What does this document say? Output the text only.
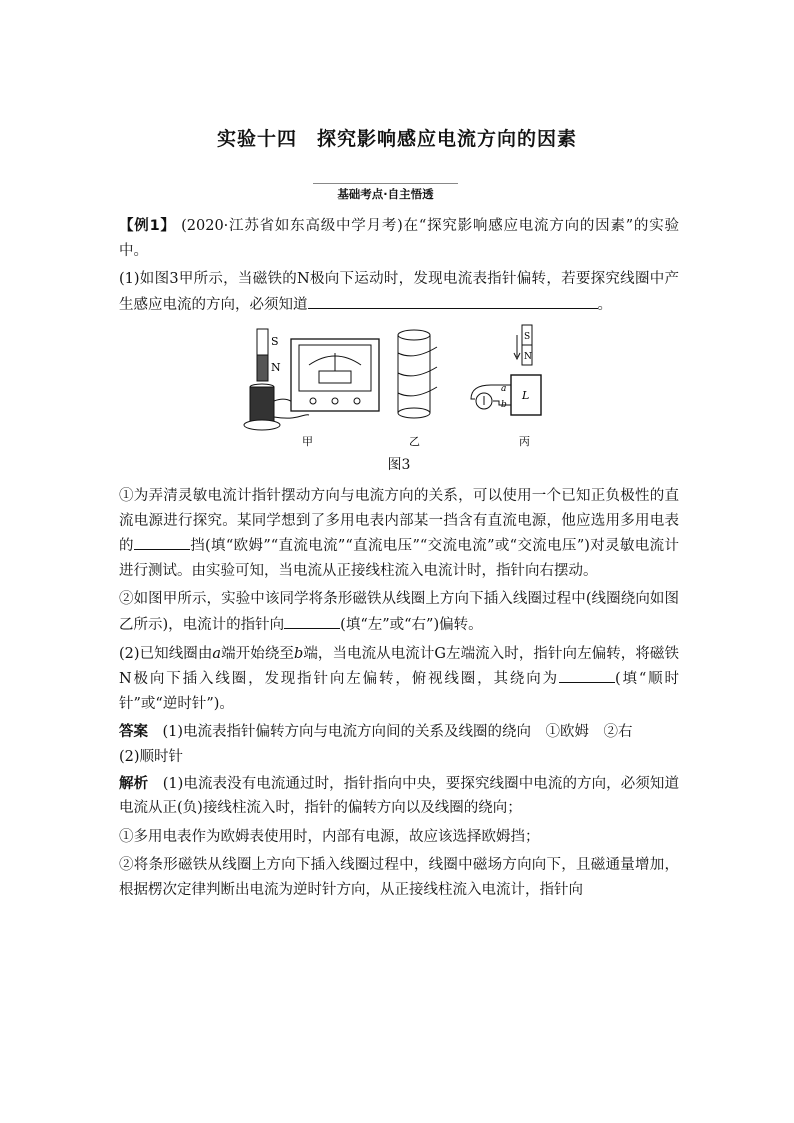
实验十四　探究影响感应电流方向的因素
基础考点·自主悟透

【例1】 (2020·江苏省如东高级中学月考)在“探究影响感应电流方向的因素”的实验中。

(1)如图3甲所示，当磁铁的N极向下运动时，发现电流表指针偏转，若要探究线圈中产生感应电流的方向，必须知道	。

S
N
甲	乙
S
N
L
a
b
丙
图3

①为弄清灵敏电流计指针摆动方向与电流方向的关系，可以使用一个已知正负极性的直流电源进行探究。某同学想到了多用电表内部某一挡含有直流电源，他应选用多用电表的	挡(填“欧姆”“直流电流”“直流电压”“交流电流”或“交流电压”)对灵敏电流计进行测试。由实验可知，当电流从正接线柱流入电流计时，指针向右摆动。

②如图甲所示，实验中该同学将条形磁铁从线圈上方向下插入线圈过程中(线圈绕向如图乙所示)，电流计的指针向	(填“左”或“右”)偏转。

(2)已知线圈由a端开始绕至b端，当电流从电流计G左端流入时，指针向左偏转，将磁铁N极向下插入线圈，发现指针向左偏转，俯视线圈，其绕向为	(填“顺时针”或“逆时针”)。

答案　(1)电流表指针偏转方向与电流方向间的关系及线圈的绕向　①欧姆　②右
(2)顺时针

解析　(1)电流表没有电流通过时，指针指向中央，要探究线圈中电流的方向，必须知道电流从正(负)接线柱流入时，指针的偏转方向以及线圈的绕向；

①多用电表作为欧姆表使用时，内部有电源，故应该选择欧姆挡；

②将条形磁铁从线圈上方向下插入线圈过程中，线圈中磁场方向向下，且磁通量增加，根据楞次定律判断出电流为逆时针方向，从正接线柱流入电流计，指针向
